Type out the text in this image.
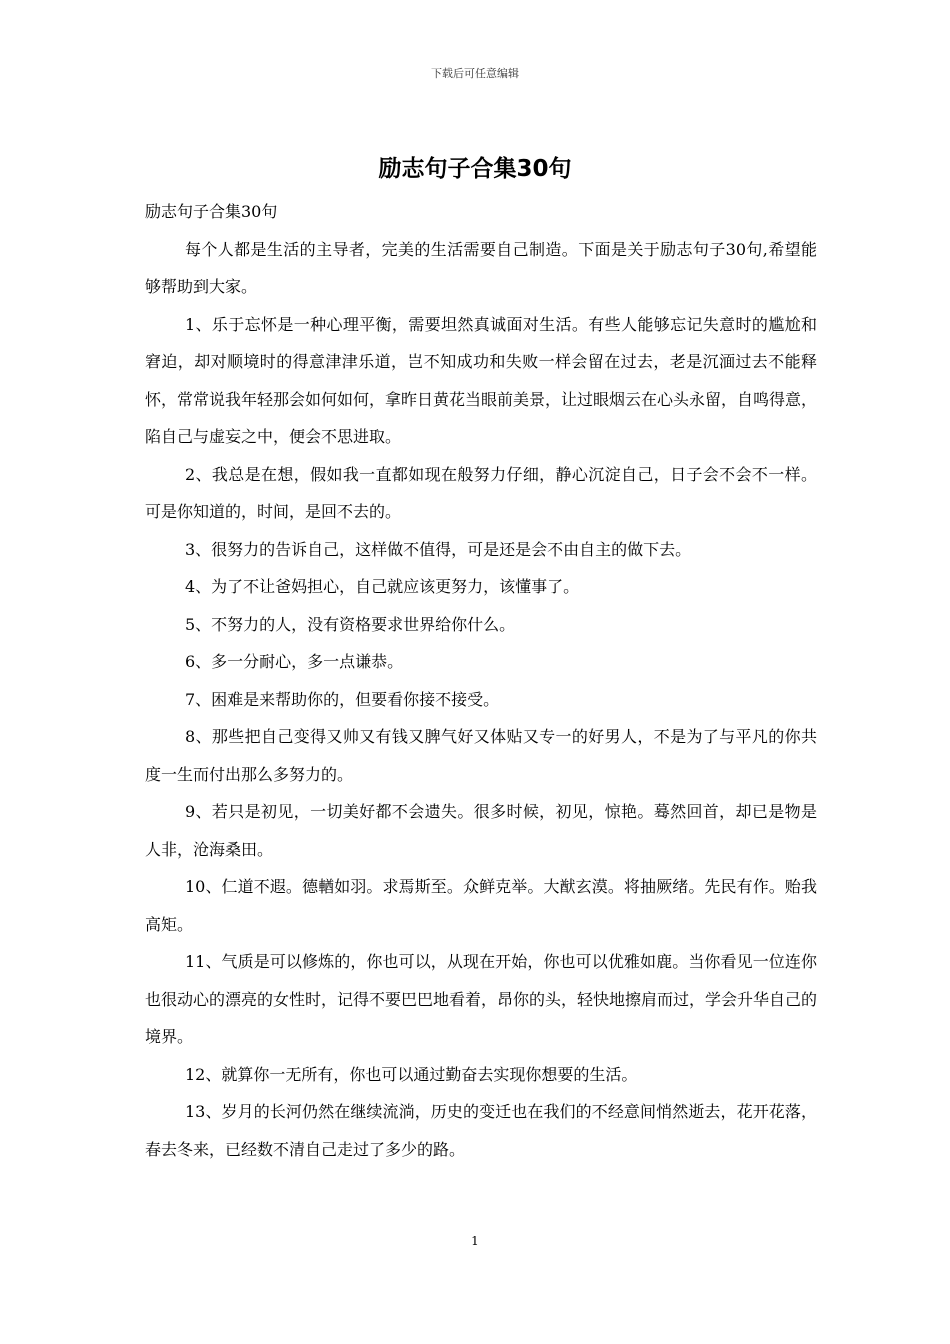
下载后可任意编辑
励志句子合集30句

励志句子合集30句

每个人都是生活的主导者，完美的生活需要自己制造。下面是关于励志句子30句,希望能够帮助到大家。

1、乐于忘怀是一种心理平衡，需要坦然真诚面对生活。有些人能够忘记失意时的尴尬和窘迫，却对顺境时的得意津津乐道，岂不知成功和失败一样会留在过去，老是沉湎过去不能释怀，常常说我年轻那会如何如何，拿昨日黄花当眼前美景，让过眼烟云在心头永留，自鸣得意，陷自己与虚妄之中，便会不思进取。

2、我总是在想，假如我一直都如现在般努力仔细，静心沉淀自己，日子会不会不一样。可是你知道的，时间，是回不去的。

3、很努力的告诉自己，这样做不值得，可是还是会不由自主的做下去。

4、为了不让爸妈担心，自己就应该更努力，该懂事了。

5、不努力的人，没有资格要求世界给你什么。

6、多一分耐心，多一点谦恭。

7、困难是来帮助你的，但要看你接不接受。

8、那些把自己变得又帅又有钱又脾气好又体贴又专一的好男人，不是为了与平凡的你共度一生而付出那么多努力的。

9、若只是初见，一切美好都不会遗失。很多时候，初见，惊艳。蓦然回首，却已是物是人非，沧海桑田。

10、仁道不遐。德輶如羽。求焉斯至。众鲜克举。大猷玄漠。将抽厥绪。先民有作。贻我高矩。

11、气质是可以修炼的，你也可以，从现在开始，你也可以优雅如鹿。当你看见一位连你也很动心的漂亮的女性时，记得不要巴巴地看着，昂你的头，轻快地擦肩而过，学会升华自己的境界。

12、就算你一无所有，你也可以通过勤奋去实现你想要的生活。

13、岁月的长河仍然在继续流淌，历史的变迁也在我们的不经意间悄然逝去，花开花落，春去冬来，已经数不清自己走过了多少的路。

1
